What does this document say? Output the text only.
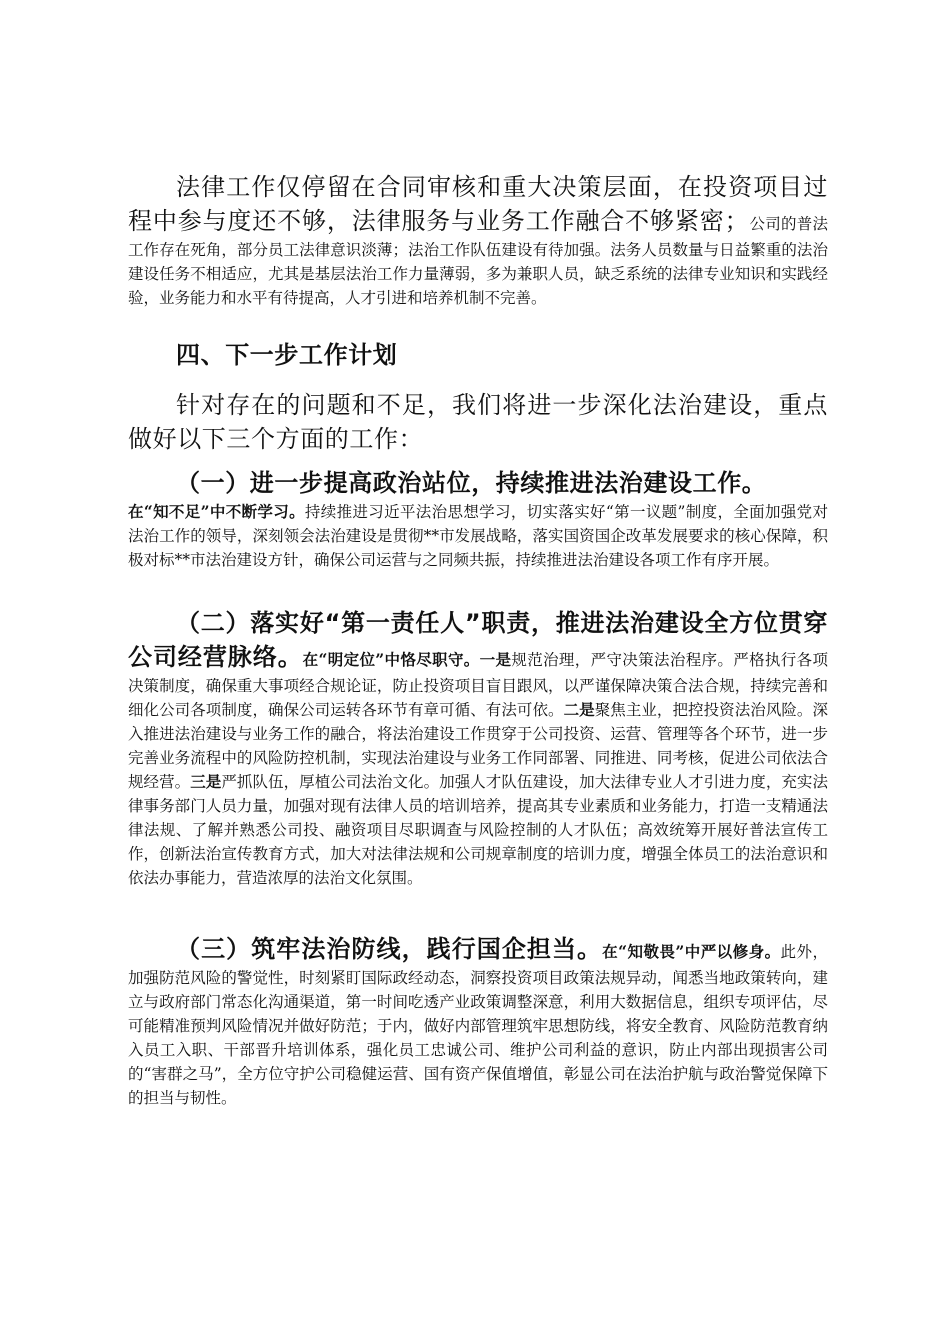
法律工作仅停留在合同审核和重大决策层面，在投资项目过程中参与度还不够，法律服务与业务工作融合不够紧密；公司的普法工作存在死角，部分员工法律意识淡薄；法治工作队伍建设有待加强。法务人员数量与日益繁重的法治建设任务不相适应，尤其是基层法治工作力量薄弱，多为兼职人员，缺乏系统的法律专业知识和实践经验，业务能力和水平有待提高，人才引进和培养机制不完善。

四、下一步工作计划

针对存在的问题和不足，我们将进一步深化法治建设，重点做好以下三个方面的工作：

（一）进一步提高政治站位，持续推进法治建设工作。

在“知不足”中不断学习。持续推进习近平法治思想学习，切实落实好“第一议题”制度，全面加强党对法治工作的领导，深刻领会法治建设是贯彻**市发展战略，落实国资国企改革发展要求的核心保障，积极对标**市法治建设方针，确保公司运营与之同频共振，持续推进法治建设各项工作有序开展。

（二）落实好“第一责任人”职责，推进法治建设全方位贯穿公司经营脉络。在“明定位”中恪尽职守。一是规范治理，严守决策法治程序。严格执行各项决策制度，确保重大事项经合规论证，防止投资项目盲目跟风，以严谨保障决策合法合规，持续完善和细化公司各项制度，确保公司运转各环节有章可循、有法可依。二是聚焦主业，把控投资法治风险。深入推进法治建设与业务工作的融合，将法治建设工作贯穿于公司投资、运营、管理等各个环节，进一步完善业务流程中的风险防控机制，实现法治建设与业务工作同部署、同推进、同考核，促进公司依法合规经营。三是严抓队伍，厚植公司法治文化。加强人才队伍建设，加大法律专业人才引进力度，充实法律事务部门人员力量，加强对现有法律人员的培训培养，提高其专业素质和业务能力，打造一支精通法律法规、了解并熟悉公司投、融资项目尽职调查与风险控制的人才队伍；高效统筹开展好普法宣传工作，创新法治宣传教育方式，加大对法律法规和公司规章制度的培训力度，增强全体员工的法治意识和依法办事能力，营造浓厚的法治文化氛围。

（三）筑牢法治防线，践行国企担当。在“知敬畏”中严以修身。此外，加强防范风险的警觉性，时刻紧盯国际政经动态，洞察投资项目政策法规异动，闻悉当地政策转向，建立与政府部门常态化沟通渠道，第一时间吃透产业政策调整深意，利用大数据信息，组织专项评估，尽可能精准预判风险情况并做好防范；于内，做好内部管理筑牢思想防线，将安全教育、风险防范教育纳入员工入职、干部晋升培训体系，强化员工忠诚公司、维护公司利益的意识，防止内部出现损害公司的“害群之马”，全方位守护公司稳健运营、国有资产保值增值，彰显公司在法治护航与政治警觉保障下的担当与韧性。
